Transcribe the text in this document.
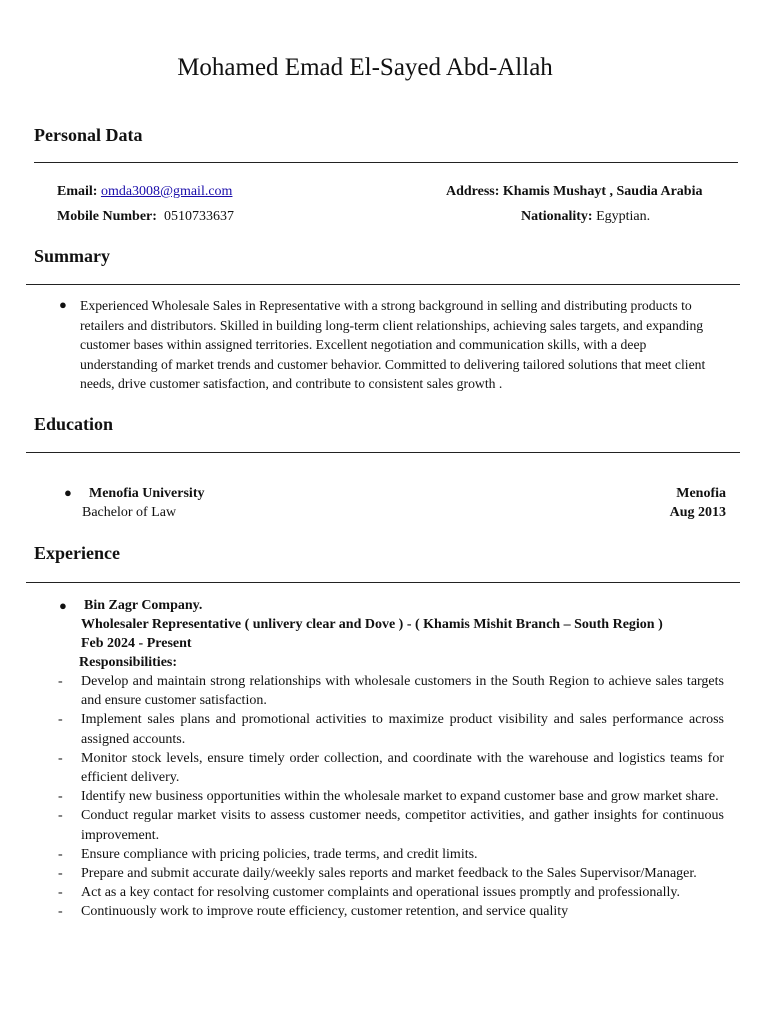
Mohamed Emad El-Sayed Abd-Allah
Personal Data
Email: omda3008@gmail.com	Address: Khamis Mushayt , Saudia Arabia
Mobile Number: 0510733637	Nationality: Egyptian.
Summary
● Experienced Wholesale Sales in Representative with a strong background in selling and distributing products to retailers and distributors. Skilled in building long-term client relationships, achieving sales targets, and expanding customer bases within assigned territories. Excellent negotiation and communication skills, with a deep understanding of market trends and customer behavior. Committed to delivering tailored solutions that meet client needs, drive customer satisfaction, and contribute to consistent sales growth .
Education
● Menofia University
Bachelor of Law
Menofia
Aug 2013
Experience
● Bin Zagr Company.
Wholesaler Representative ( unlivery clear and Dove ) - ( Khamis Mishit Branch – South Region )
Feb 2024 - Present
Responsibilities:
- Develop and maintain strong relationships with wholesale customers in the South Region to achieve sales targets and ensure customer satisfaction.
- Implement sales plans and promotional activities to maximize product visibility and sales performance across assigned accounts.
- Monitor stock levels, ensure timely order collection, and coordinate with the warehouse and logistics teams for efficient delivery.
- Identify new business opportunities within the wholesale market to expand customer base and grow market share.
- Conduct regular market visits to assess customer needs, competitor activities, and gather insights for continuous improvement.
- Ensure compliance with pricing policies, trade terms, and credit limits.
- Prepare and submit accurate daily/weekly sales reports and market feedback to the Sales Supervisor/Manager.
- Act as a key contact for resolving customer complaints and operational issues promptly and professionally.
- Continuously work to improve route efficiency, customer retention, and service quality
